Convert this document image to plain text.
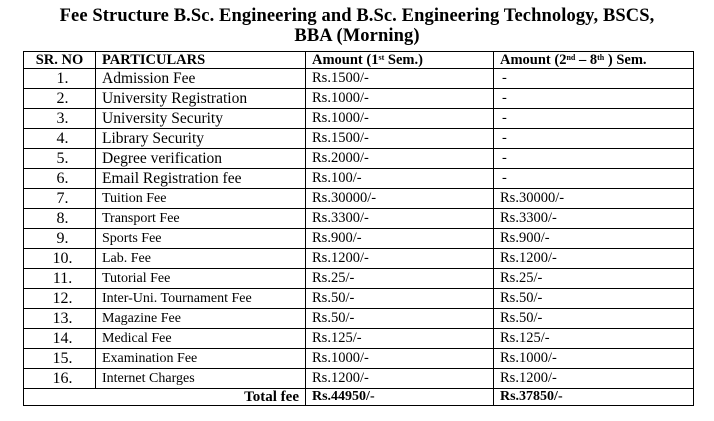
Fee Structure B.Sc. Engineering and B.Sc. Engineering Technology, BSCS,
BBA (Morning)
SR. NO	PARTICULARS	Amount (1st Sem.)	Amount (2nd – 8th ) Sem.
1.	Admission Fee	Rs.1500/-	-
2.	University Registration	Rs.1000/-	-
3.	University Security	Rs.1000/-	-
4.	Library Security	Rs.1500/-	-
5.	Degree verification	Rs.2000/-	-
6.	Email Registration fee	Rs.100/-	-
7.	Tuition Fee	Rs.30000/-	Rs.30000/-
8.	Transport Fee	Rs.3300/-	Rs.3300/-
9.	Sports Fee	Rs.900/-	Rs.900/-
10.	Lab. Fee	Rs.1200/-	Rs.1200/-
11.	Tutorial Fee	Rs.25/-	Rs.25/-
12.	Inter-Uni. Tournament Fee	Rs.50/-	Rs.50/-
13.	Magazine Fee	Rs.50/-	Rs.50/-
14.	Medical Fee	Rs.125/-	Rs.125/-
15.	Examination Fee	Rs.1000/-	Rs.1000/-
16.	Internet Charges	Rs.1200/-	Rs.1200/-
Total fee		Rs.44950/-	Rs.37850/-
